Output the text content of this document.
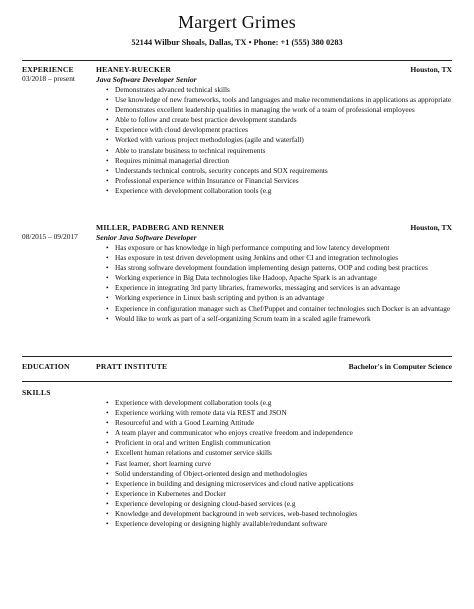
Margert Grimes
52144 Wilbur Shoals, Dallas, TX • Phone: +1 (555) 380 0283
EXPERIENCE
03/2018 – present
HEANEY-RUECKER	Houston, TX
Java Software Developer Senior
• Demonstrates advanced technical skills
• Use knowledge of new frameworks, tools and languages and make recommendations in applications as appropriate
• Demonstrates excellent leadership qualities in managing the work of a team of professional employees
• Able to follow and create best practice development standards
• Experience with cloud development practices
• Worked with various project methodologies (agile and waterfall)
• Able to translate business to technical requirements
• Requires minimal managerial direction
• Understands technical controls, security concepts and SOX requirements
• Professional experience within Insurance or Financial Services
• Experience with development collaboration tools (e.g
08/2015 – 09/2017
MILLER, PADBERG AND RENNER	Houston, TX
Senior Java Software Developer
• Has exposure or has knowledge in high performance computing and low latency development
• Has exposure in test driven development using Jenkins and other CI and integration technologies
• Has strong software development foundation implementing design patterns, OOP and coding best practices
• Working experience in Big Data technologies like Hadoop, Apache Spark is an advantage
• Experience in integrating 3rd party libraries, frameworks, messaging and services is an advantage
• Working experience in Linux bash scripting and python is an advantage
• Experience in configuration manager such as Chef/Puppet and container technologies such Docker is an advantage
• Would like to work as part of a self-organizing Scrum team in a scaled agile framework
EDUCATION	PRATT INSTITUTE	Bachelor's in Computer Science
SKILLS
• Experience with development collaboration tools (e.g
• Experience working with remote data via REST and JSON
• Resourceful and with a Good Learning Attitude
• A team player and communicator who enjoys creative freedom and independence
• Proficient in oral and written English communication
• Excellent human relations and customer service skills
• Fast learner, short learning curve
• Solid understanding of Object-oriented design and methodologies
• Experience in building and designing microservices and cloud native applications
• Experience in Kubernetes and Docker
• Experience developing or designing cloud-based services (e.g
• Knowledge and development background in web services, web-based technologies
• Experience developing or designing highly available/redundant software
